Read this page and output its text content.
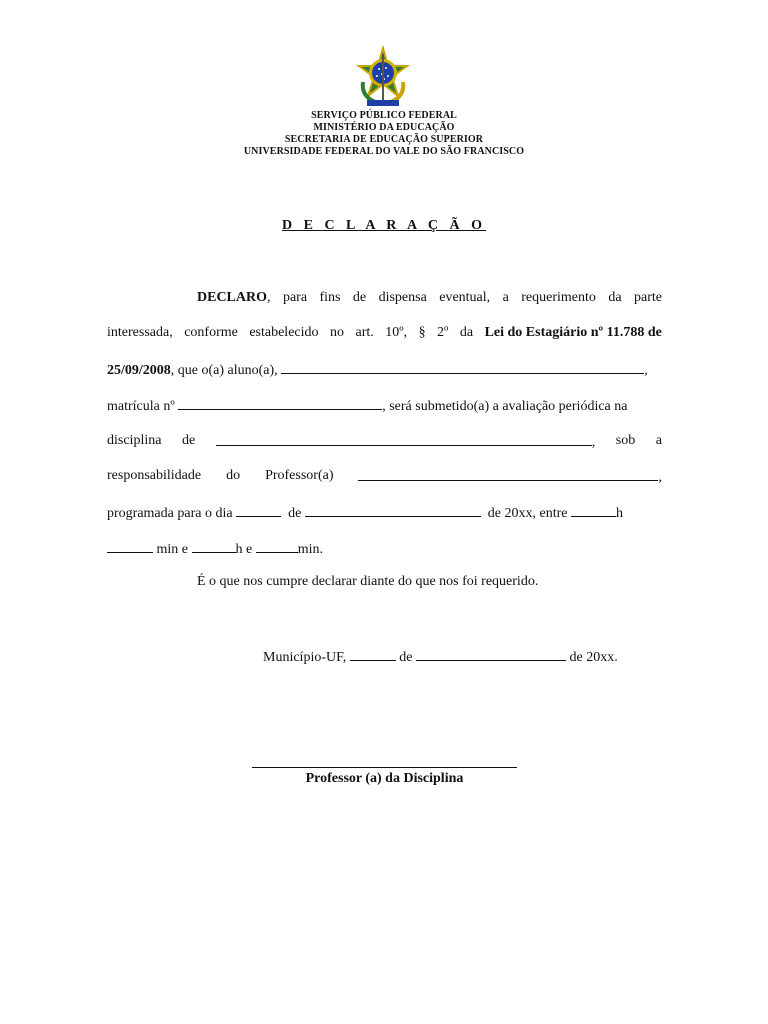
SERVIÇO PÚBLICO FEDERAL
MINISTÉRIO DA EDUCAÇÃO
SECRETARIA DE EDUCAÇÃO SUPERIOR
UNIVERSIDADE FEDERAL DO VALE DO SÃO FRANCISCO
D E C L A R A Ç Ã O
DECLARO, para fins de dispensa eventual, a requerimento da parte
interessada, conforme estabelecido no art. 10º, § 2º da Lei do Estagiário nº 11.788 de
25/09/2008, que o(a) aluno(a),	,
matrícula nº	, será submetido(a) a avaliação periódica na
disciplina de	, sob a
responsabilidade do Professor(a)	,
programada para o dia	de	de 20xx, entre	h
min e	h e	min.
É o que nos cumpre declarar diante do que nos foi requerido.
Município-UF,	de	de 20xx.
Professor (a) da Disciplina
